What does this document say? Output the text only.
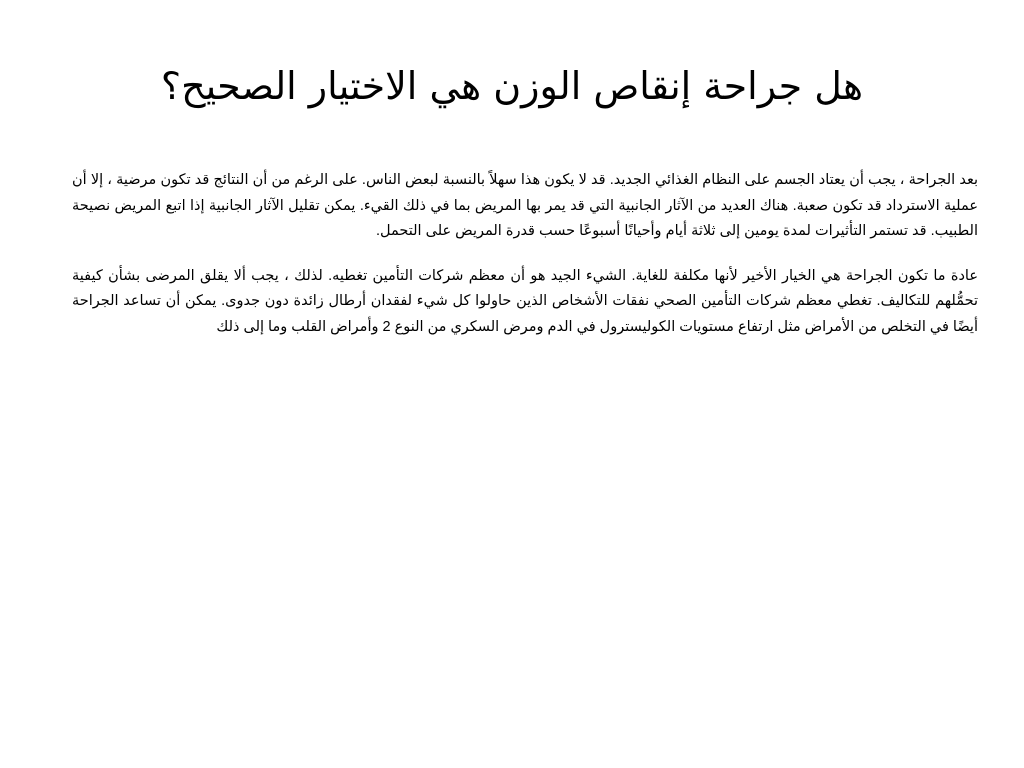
هل جراحة إنقاص الوزن هي الاختيار الصحيح؟

بعد الجراحة ، يجب أن يعتاد الجسم على النظام الغذائي الجديد. قد لا يكون هذا سهلاً بالنسبة لبعض الناس. على الرغم من أن النتائج قد تكون مرضية ، إلا أن عملية الاسترداد قد تكون صعبة. هناك العديد من الآثار الجانبية التي قد يمر بها المريض بما في ذلك القيء. يمكن تقليل الآثار الجانبية إذا اتبع المريض نصيحة الطبيب. قد تستمر التأثيرات لمدة يومين إلى ثلاثة أيام وأحيانًا أسبوعًا حسب قدرة المريض على التحمل.

عادة ما تكون الجراحة هي الخيار الأخير لأنها مكلفة للغاية. الشيء الجيد هو أن معظم شركات التأمين تغطيه. لذلك ، يجب ألا يقلق المرضى بشأن كيفية تحمُّلهم للتكاليف. تغطي معظم شركات التأمين الصحي نفقات الأشخاص الذين حاولوا كل شيء لفقدان أرطال زائدة دون جدوى. يمكن أن تساعد الجراحة أيضًا في التخلص من الأمراض مثل ارتفاع مستويات الكوليسترول في الدم ومرض السكري من النوع 2 وأمراض القلب وما إلى ذلك
